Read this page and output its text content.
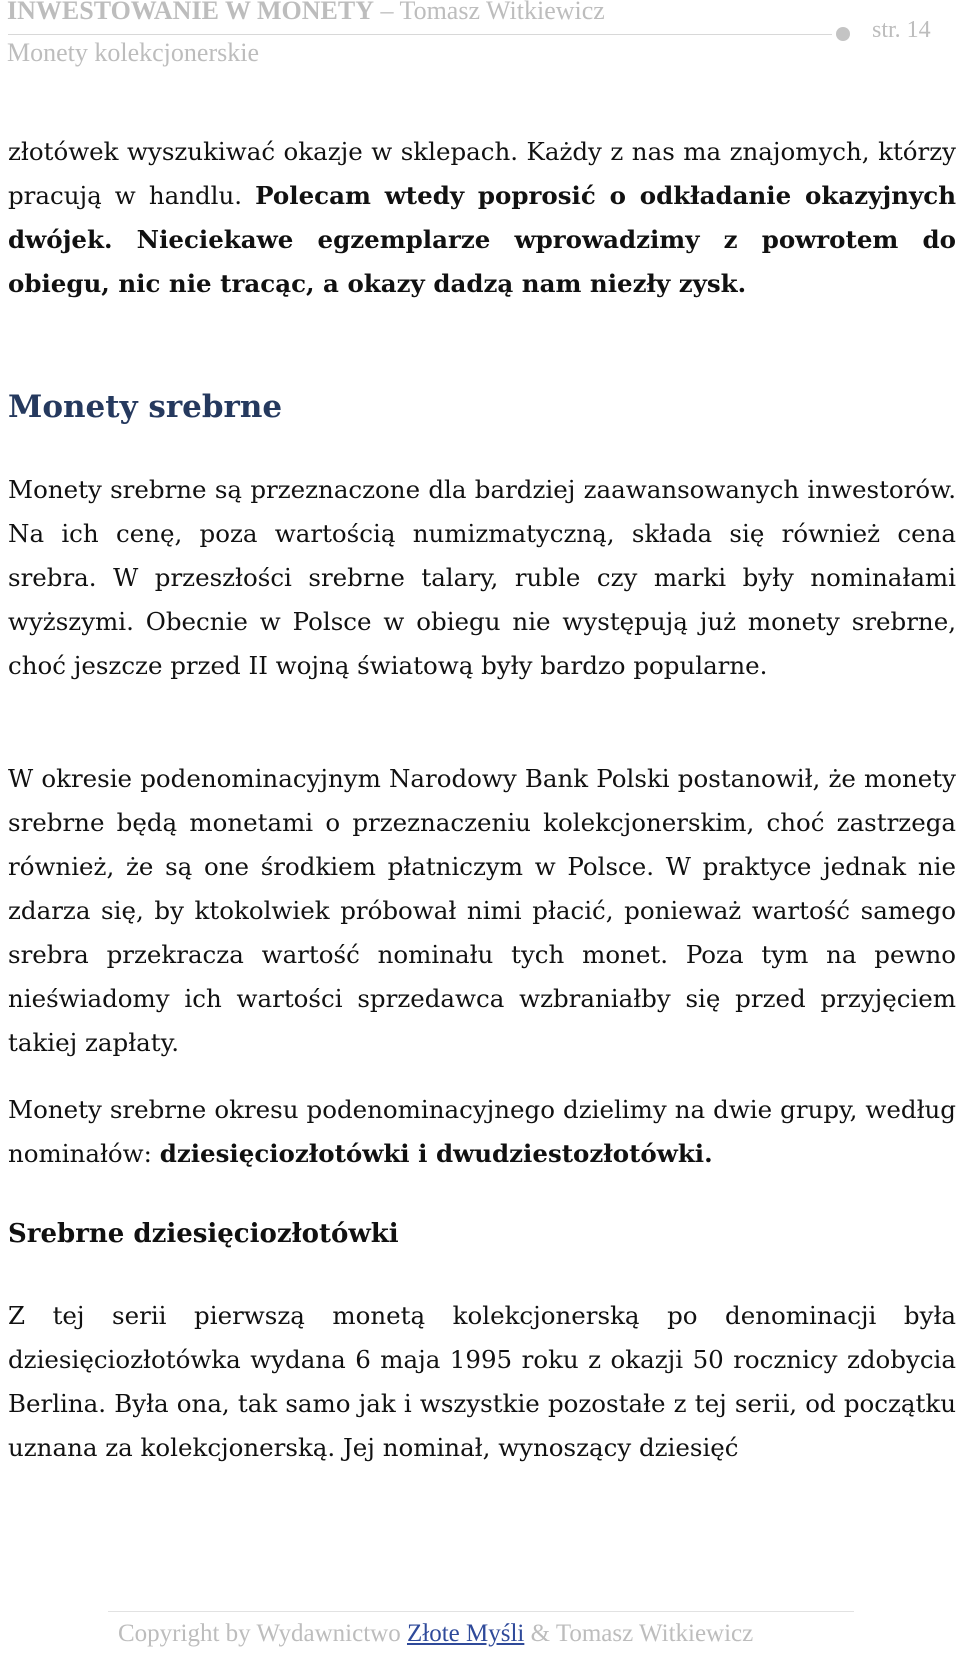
INWESTOWANIE W MONETY – Tomasz Witkiewicz
Monety kolekcjonerskie
str. 14

złotówek wyszukiwać okazje w sklepach. Każdy z nas ma znajomych, którzy pracują w handlu. Polecam wtedy poprosić o odkładanie okazyjnych dwójek. Nieciekawe egzemplarze wprowadzimy z powrotem do obiegu, nic nie tracąc, a okazy dadzą nam niezły zysk.

Monety srebrne

Monety srebrne są przeznaczone dla bardziej zaawansowanych inwestorów. Na ich cenę, poza wartością numizmatyczną, składa się również cena srebra. W przeszłości srebrne talary, ruble czy marki były nominałami wyższymi. Obecnie w Polsce w obiegu nie występują już monety srebrne, choć jeszcze przed II wojną światową były bardzo popularne.

W okresie podenominacyjnym Narodowy Bank Polski postanowił, że monety srebrne będą monetami o przeznaczeniu kolekcjonerskim, choć zastrzega również, że są one środkiem płatniczym w Polsce. W praktyce jednak nie zdarza się, by ktokolwiek próbował nimi płacić, ponieważ wartość samego srebra przekracza wartość nominału tych monet. Poza tym na pewno nieświadomy ich wartości sprzedawca wzbraniałby się przed przyjęciem takiej zapłaty.

Monety srebrne okresu podenominacyjnego dzielimy na dwie grupy, według nominałów: dziesięciozłotówki i dwudziestozłotówki.

Srebrne dziesięciozłotówki

Z tej serii pierwszą monetą kolekcjonerską po denominacji była dziesięciozłotówka wydana 6 maja 1995 roku z okazji 50 rocznicy zdobycia Berlina. Była ona, tak samo jak i wszystkie pozostałe z tej serii, od początku uznana za kolekcjonerską. Jej nominał, wynoszący dziesięć

Copyright by Wydawnictwo Złote Myśli & Tomasz Witkiewicz
